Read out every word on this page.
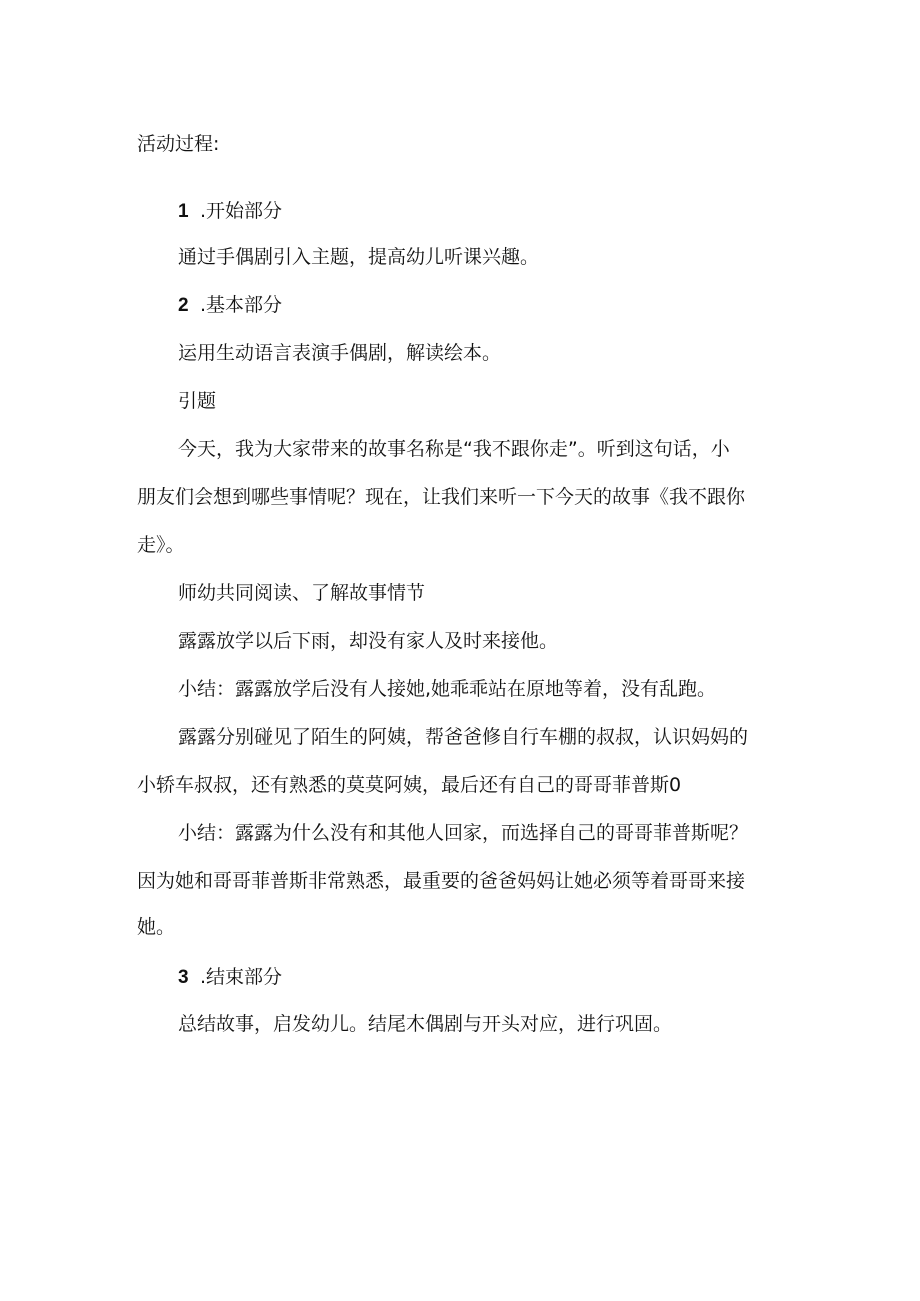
活动过程:

1 .开始部分

通过手偶剧引入主题，提高幼儿听课兴趣。

2 .基本部分

运用生动语言表演手偶剧，解读绘本。

引题

今天，我为大家带来的故事名称是“我不跟你走”。听到这句话，小

朋友们会想到哪些事情呢？现在，让我们来听一下今天的故事《我不跟你

走》。

师幼共同阅读、了解故事情节

露露放学以后下雨，却没有家人及时来接他。

小结：露露放学后没有人接她,她乖乖站在原地等着，没有乱跑。

露露分别碰见了陌生的阿姨，帮爸爸修自行车棚的叔叔，认识妈妈的

小轿车叔叔，还有熟悉的莫莫阿姨，最后还有自己的哥哥菲普斯0

小结：露露为什么没有和其他人回家，而选择自己的哥哥菲普斯呢？

因为她和哥哥菲普斯非常熟悉，最重要的爸爸妈妈让她必须等着哥哥来接

她。

3 .结束部分

总结故事，启发幼儿。结尾木偶剧与开头对应，进行巩固。
